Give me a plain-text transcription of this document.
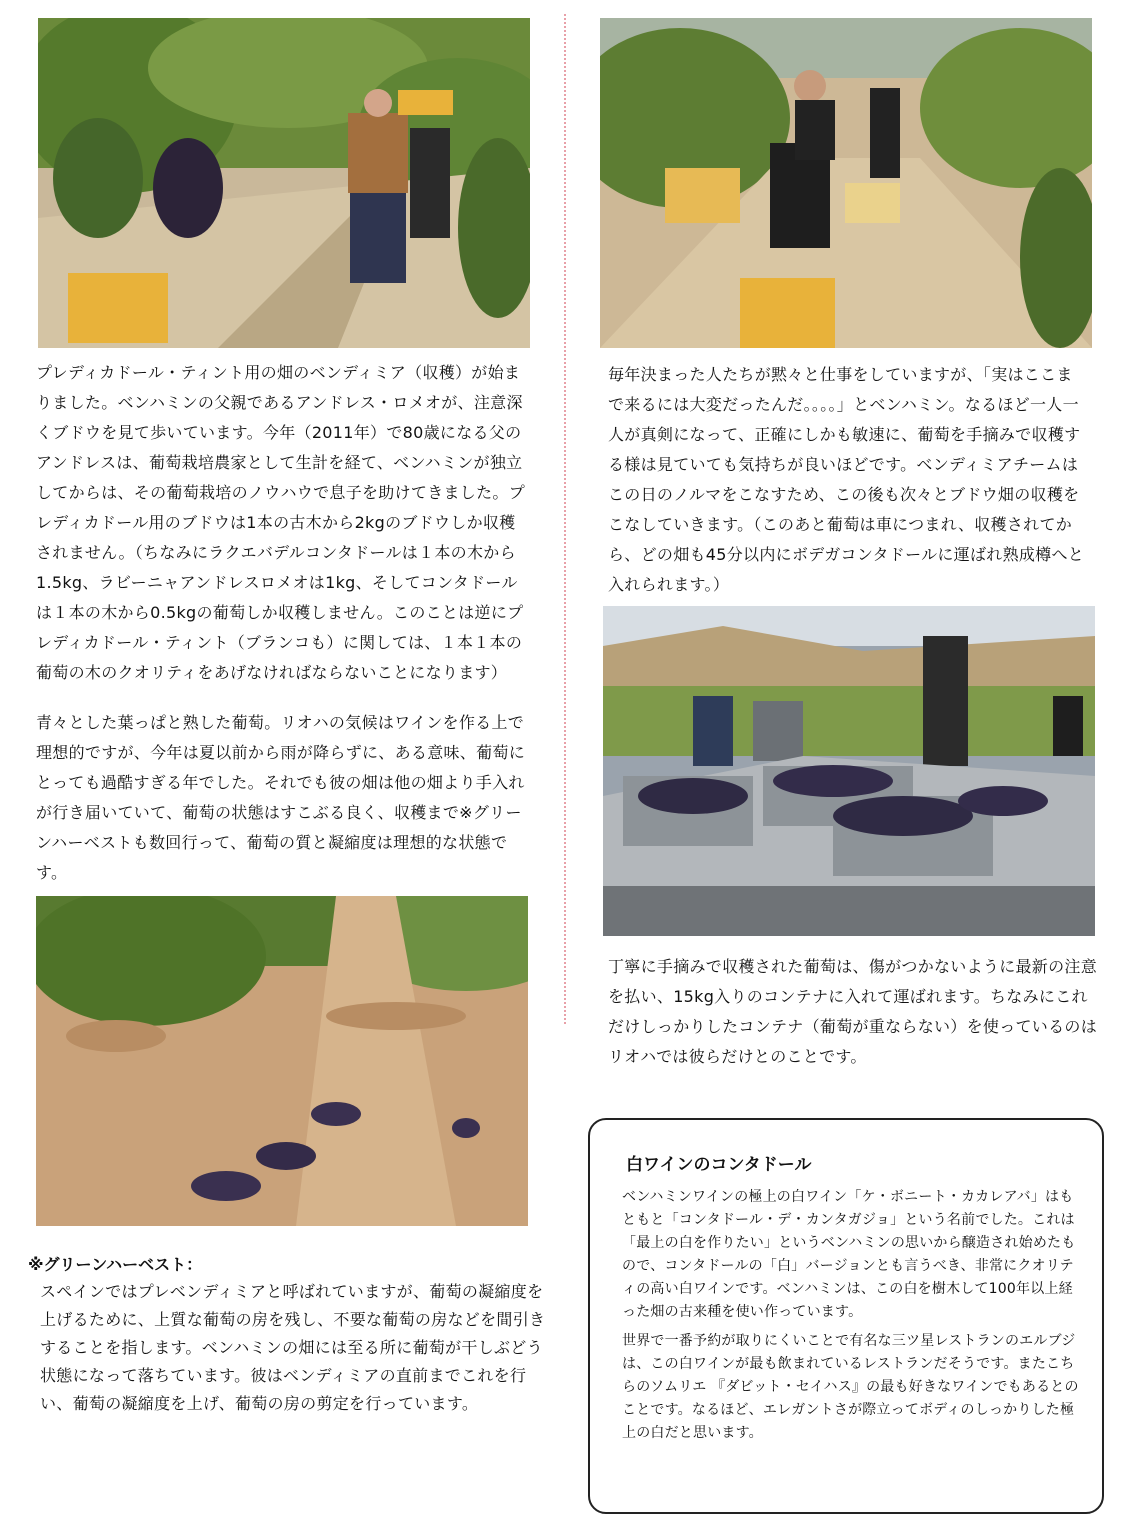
プレディカドール・ティント用の畑のベンディミア（収穫）が始まりました。ベンハミンの父親であるアンドレス・ロメオが、注意深くブドウを見て歩いています。今年（2011年）で80歳になる父のアンドレスは、葡萄栽培農家として生計を経て、ベンハミンが独立してからは、その葡萄栽培のノウハウで息子を助けてきました。プレディカドール用のブドウは1本の古木から2kgのブドウしか収穫されません。（ちなみにラクエバデルコンタドールは１本の木から1.5kg、ラビーニャアンドレスロメオは1kg、そしてコンタドールは１本の木から0.5kgの葡萄しか収穫しません。このことは逆にプレディカドール・ティント（ブランコも）に関しては、１本１本の葡萄の木のクオリティをあげなければならないことになります）

青々とした葉っぱと熟した葡萄。リオハの気候はワインを作る上で理想的ですが、今年は夏以前から雨が降らずに、ある意味、葡萄にとっても過酷すぎる年でした。それでも彼の畑は他の畑より手入れが行き届いていて、葡萄の状態はすこぶる良く、収穫まで※グリーンハーベストも数回行って、葡萄の質と凝縮度は理想的な状態です。

※グリーンハーベスト：
スペインではプレベンディミアと呼ばれていますが、葡萄の凝縮度を上げるために、上質な葡萄の房を残し、不要な葡萄の房などを間引きすることを指します。ベンハミンの畑には至る所に葡萄が干しぶどう状態になって落ちています。彼はベンディミアの直前までこれを行い、葡萄の凝縮度を上げ、葡萄の房の剪定を行っています。

毎年決まった人たちが黙々と仕事をしていますが、「実はここまで来るには大変だったんだ。。。。」とベンハミン。なるほど一人一人が真剣になって、正確にしかも敏速に、葡萄を手摘みで収穫する様は見ていても気持ちが良いほどです。ベンディミアチームはこの日のノルマをこなすため、この後も次々とブドウ畑の収穫をこなしていきます。（このあと葡萄は車につまれ、収穫されてから、どの畑も45分以内にボデガコンタドールに運ばれ熟成樽へと入れられます。）

丁寧に手摘みで収穫された葡萄は、傷がつかないように最新の注意を払い、15kg入りのコンテナに入れて運ばれます。ちなみにこれだけしっかりしたコンテナ（葡萄が重ならない）を使っているのはリオハでは彼らだけとのことです。

白ワインのコンタドール

ベンハミンワインの極上の白ワイン「ケ・ボニート・カカレアバ」はもともと「コンタドール・デ・カンタガジョ」という名前でした。これは「最上の白を作りたい」というベンハミンの思いから醸造され始めたもので、コンタドールの「白」バージョンとも言うべき、非常にクオリティの高い白ワインです。ベンハミンは、この白を樹木して100年以上経った畑の古来種を使い作っています。

世界で一番予約が取りにくいことで有名な三ツ星レストランのエルブジは、この白ワインが最も飲まれているレストランだそうです。またこちらのソムリエ 『ダビット・セイハス』の最も好きなワインでもあるとのことです。なるほど、エレガントさが際立ってボディのしっかりした極上の白だと思います。
